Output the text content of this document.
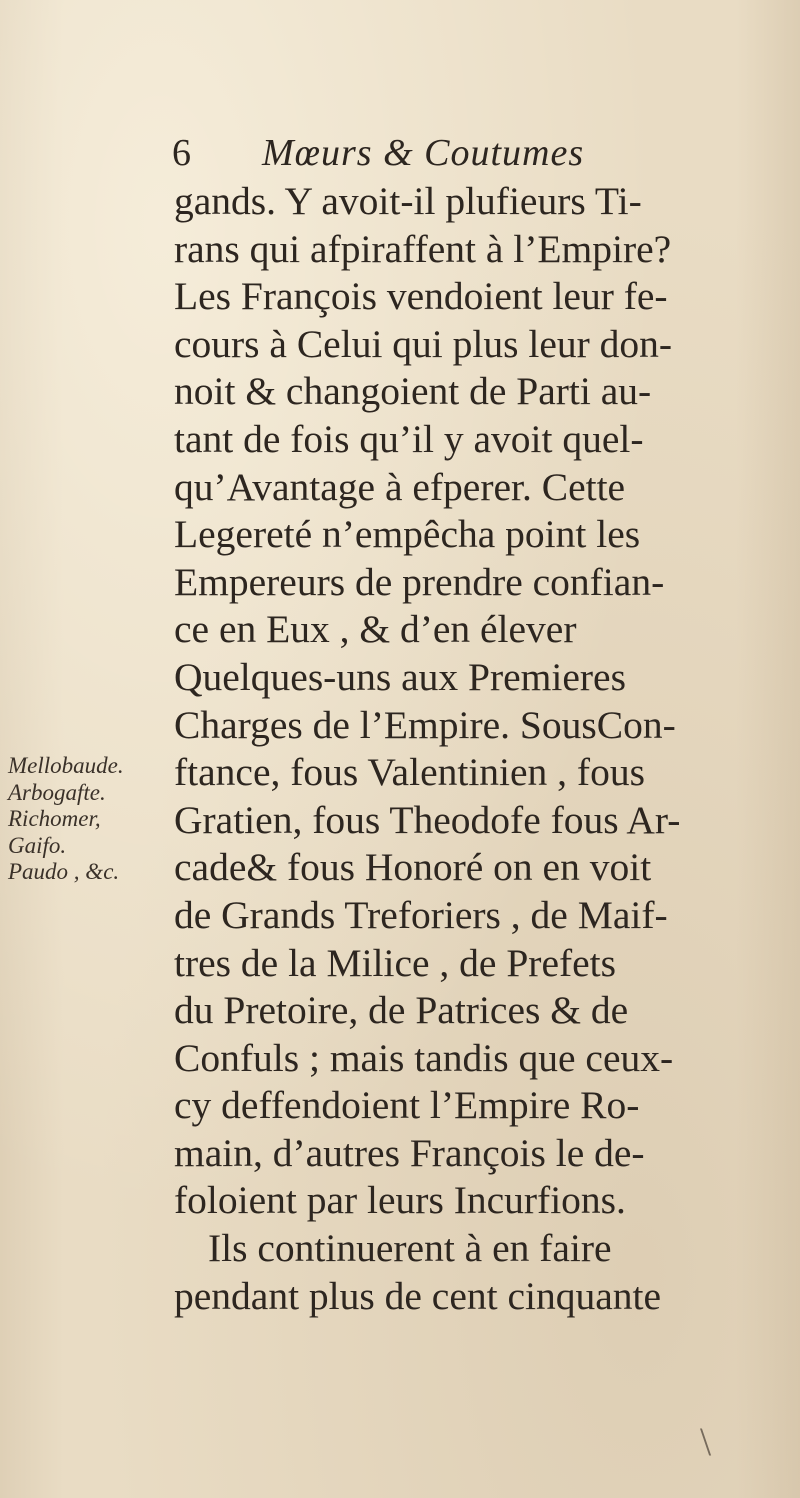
6 Mœurs & Coutumes
gands. Y avoit-il plufieurs Ti-
rans qui afpiraffent à l’Empire?
Les François vendoient leur fe-
cours à Celui qui plus leur don-
noit & changoient de Parti au-
tant de fois qu’il y avoit quel-
qu’Avantage à efperer. Cette
Legereté n’empêcha point les
Empereurs de prendre confian-
ce en Eux , & d’en élever
Quelques-uns aux Premieres
Charges de l’Empire. SousCon-
ftance, fous Valentinien , fous
Gratien, fous Theodofe fous Ar-
cade& fous Honoré on en voit
de Grands Treforiers , de Maif-
tres de la Milice , de Prefets
du Pretoire, de Patrices & de
Confuls ; mais tandis que ceux-
cy deffendoient l’Empire Ro-
main, d’autres François le de-
foloient par leurs Incurfions.
Ils continuerent à en faire
pendant plus de cent cinquante
Mellobaude.
Arbogafte.
Richomer,
Gaifo.
Paudo , &c.
\
